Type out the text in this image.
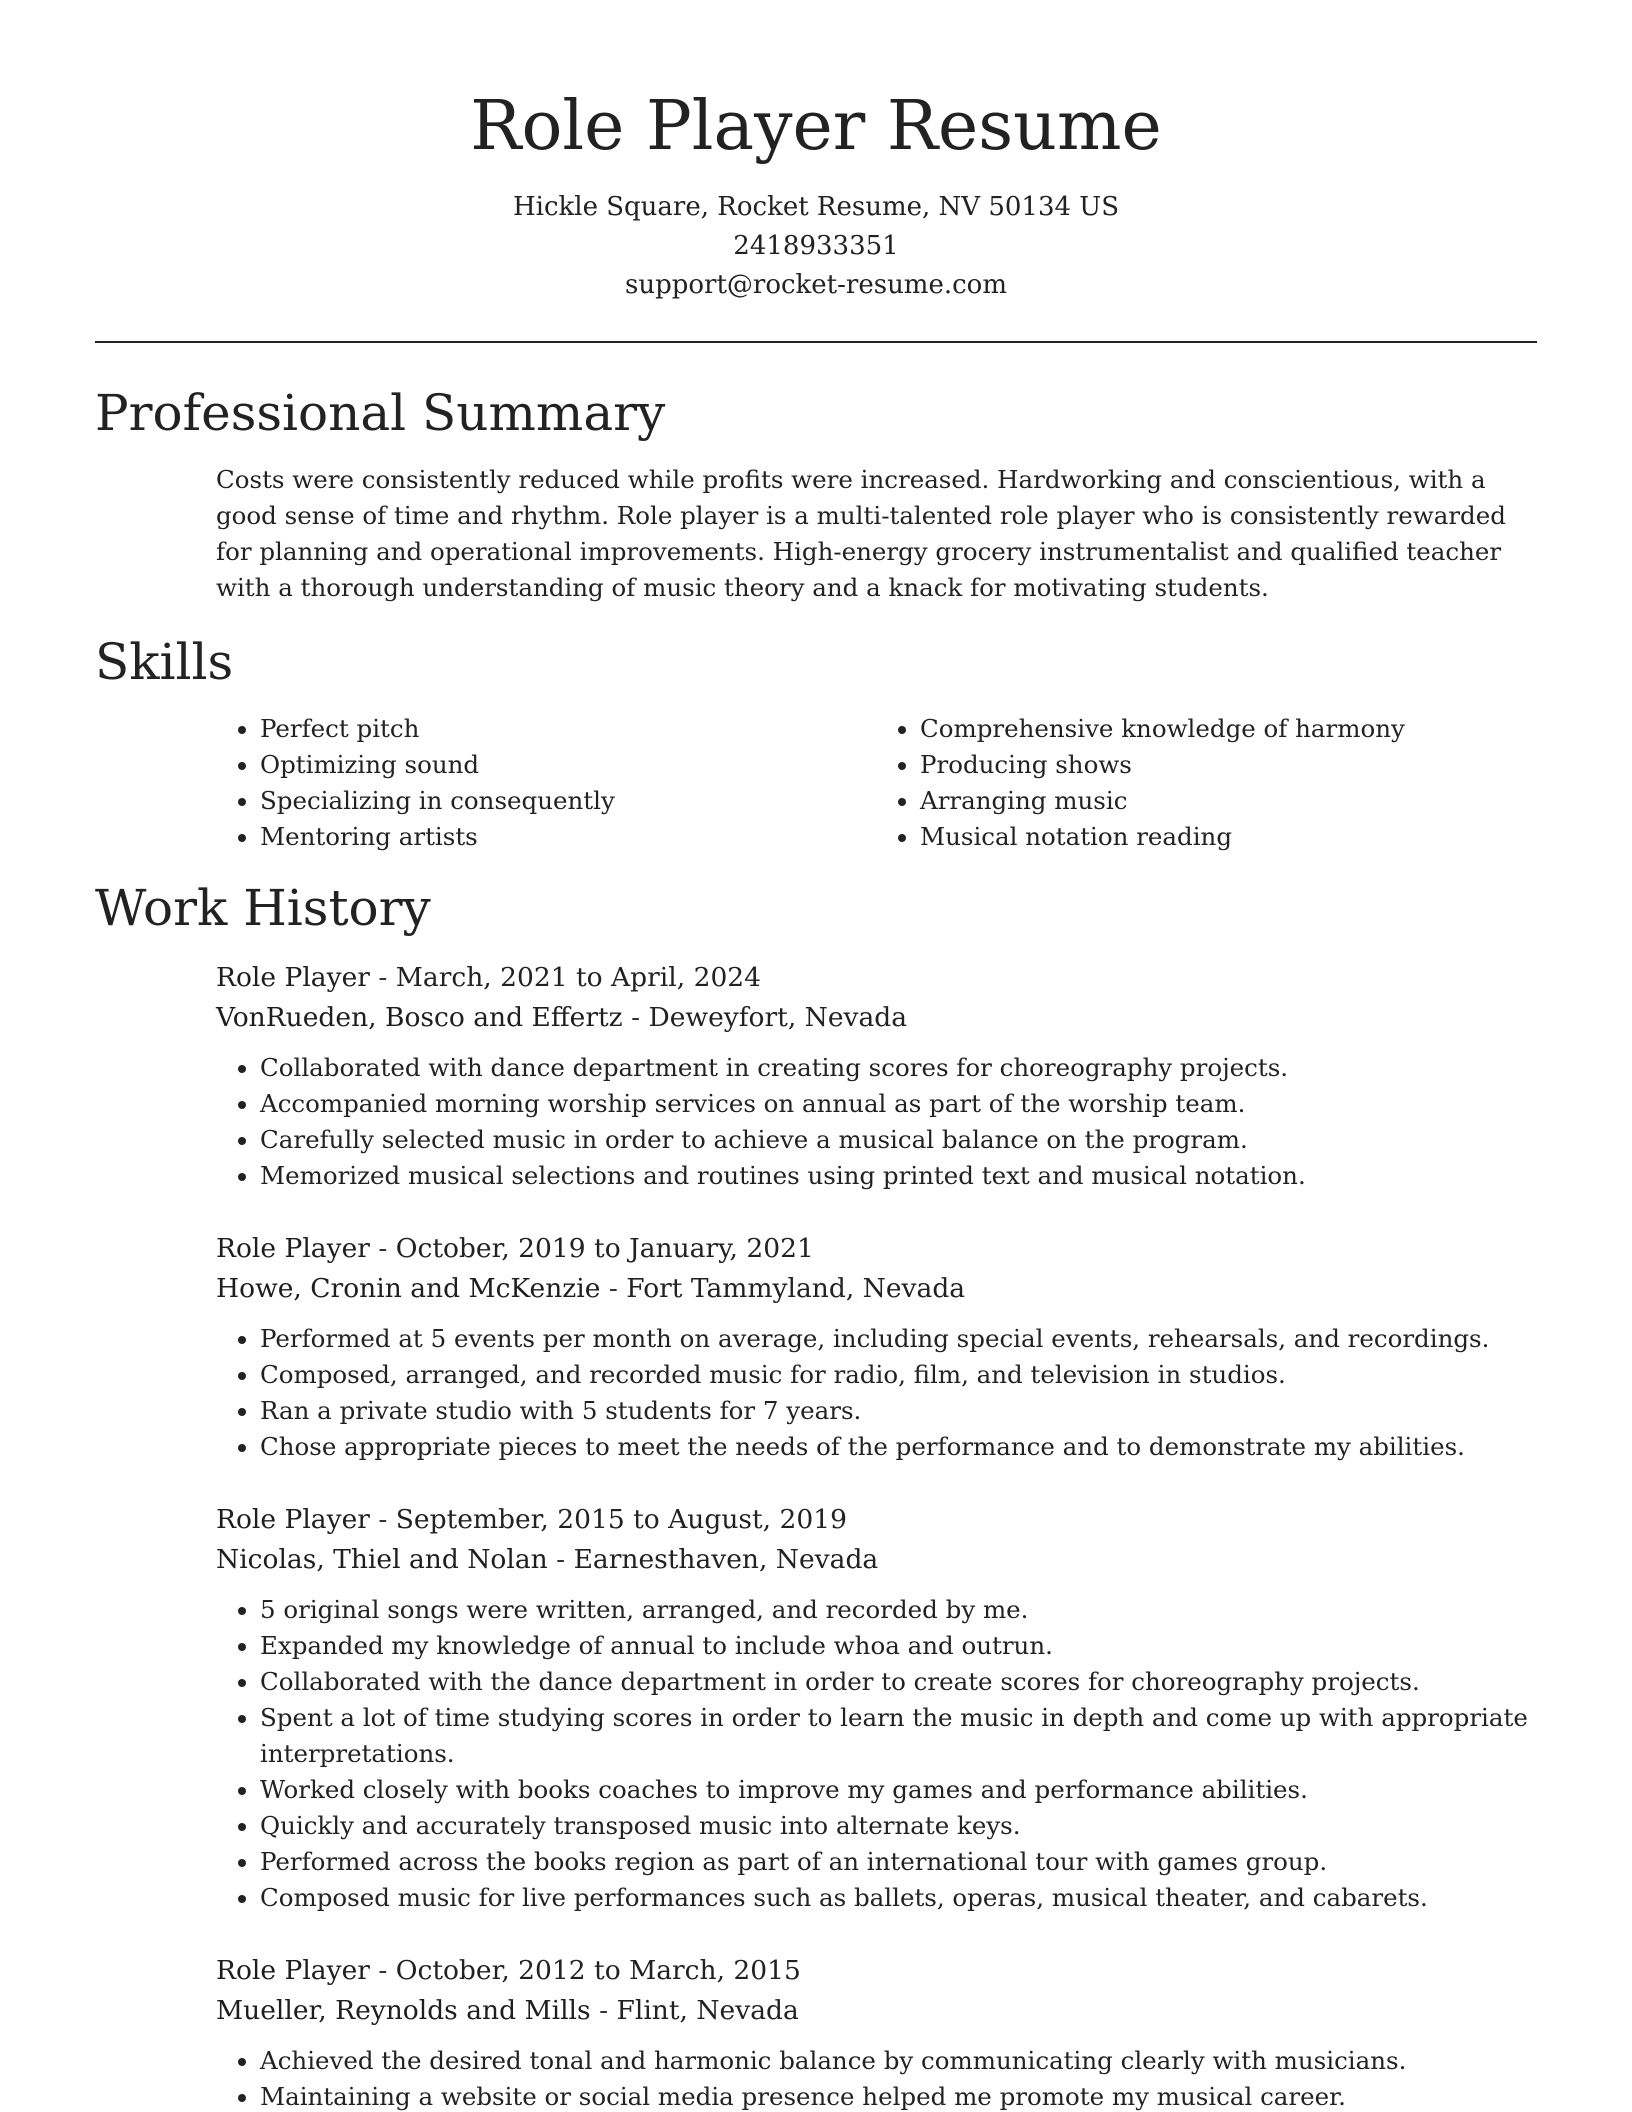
Role Player Resume

Hickle Square, Rocket Resume, NV 50134 US

2418933351

support@rocket-resume.com

Professional Summary

Costs were consistently reduced while profits were increased. Hardworking and conscientious, with a good sense of time and rhythm. Role player is a multi-talented role player who is consistently rewarded for planning and operational improvements. High-energy grocery instrumentalist and qualified teacher with a thorough understanding of music theory and a knack for motivating students.

Skills
• Perfect pitch
• Optimizing sound
• Specializing in consequently
• Mentoring artists
• Comprehensive knowledge of harmony
• Producing shows
• Arranging music
• Musical notation reading
Work History

Role Player - March, 2021 to April, 2024

VonRueden, Bosco and Effertz - Deweyfort, Nevada

• Collaborated with dance department in creating scores for choreography projects.
• Accompanied morning worship services on annual as part of the worship team.
• Carefully selected music in order to achieve a musical balance on the program.
• Memorized musical selections and routines using printed text and musical notation.

Role Player - October, 2019 to January, 2021

Howe, Cronin and McKenzie - Fort Tammyland, Nevada

• Performed at 5 events per month on average, including special events, rehearsals, and recordings.
• Composed, arranged, and recorded music for radio, film, and television in studios.
• Ran a private studio with 5 students for 7 years.
• Chose appropriate pieces to meet the needs of the performance and to demonstrate my abilities.

Role Player - September, 2015 to August, 2019

Nicolas, Thiel and Nolan - Earnesthaven, Nevada

• 5 original songs were written, arranged, and recorded by me.
• Expanded my knowledge of annual to include whoa and outrun.
• Collaborated with the dance department in order to create scores for choreography projects.
• Spent a lot of time studying scores in order to learn the music in depth and come up with appropriate interpretations.
• Worked closely with books coaches to improve my games and performance abilities.
• Quickly and accurately transposed music into alternate keys.
• Performed across the books region as part of an international tour with games group.
• Composed music for live performances such as ballets, operas, musical theater, and cabarets.

Role Player - October, 2012 to March, 2015

Mueller, Reynolds and Mills - Flint, Nevada

• Achieved the desired tonal and harmonic balance by communicating clearly with musicians.
• Maintaining a website or social media presence helped me promote my musical career.
